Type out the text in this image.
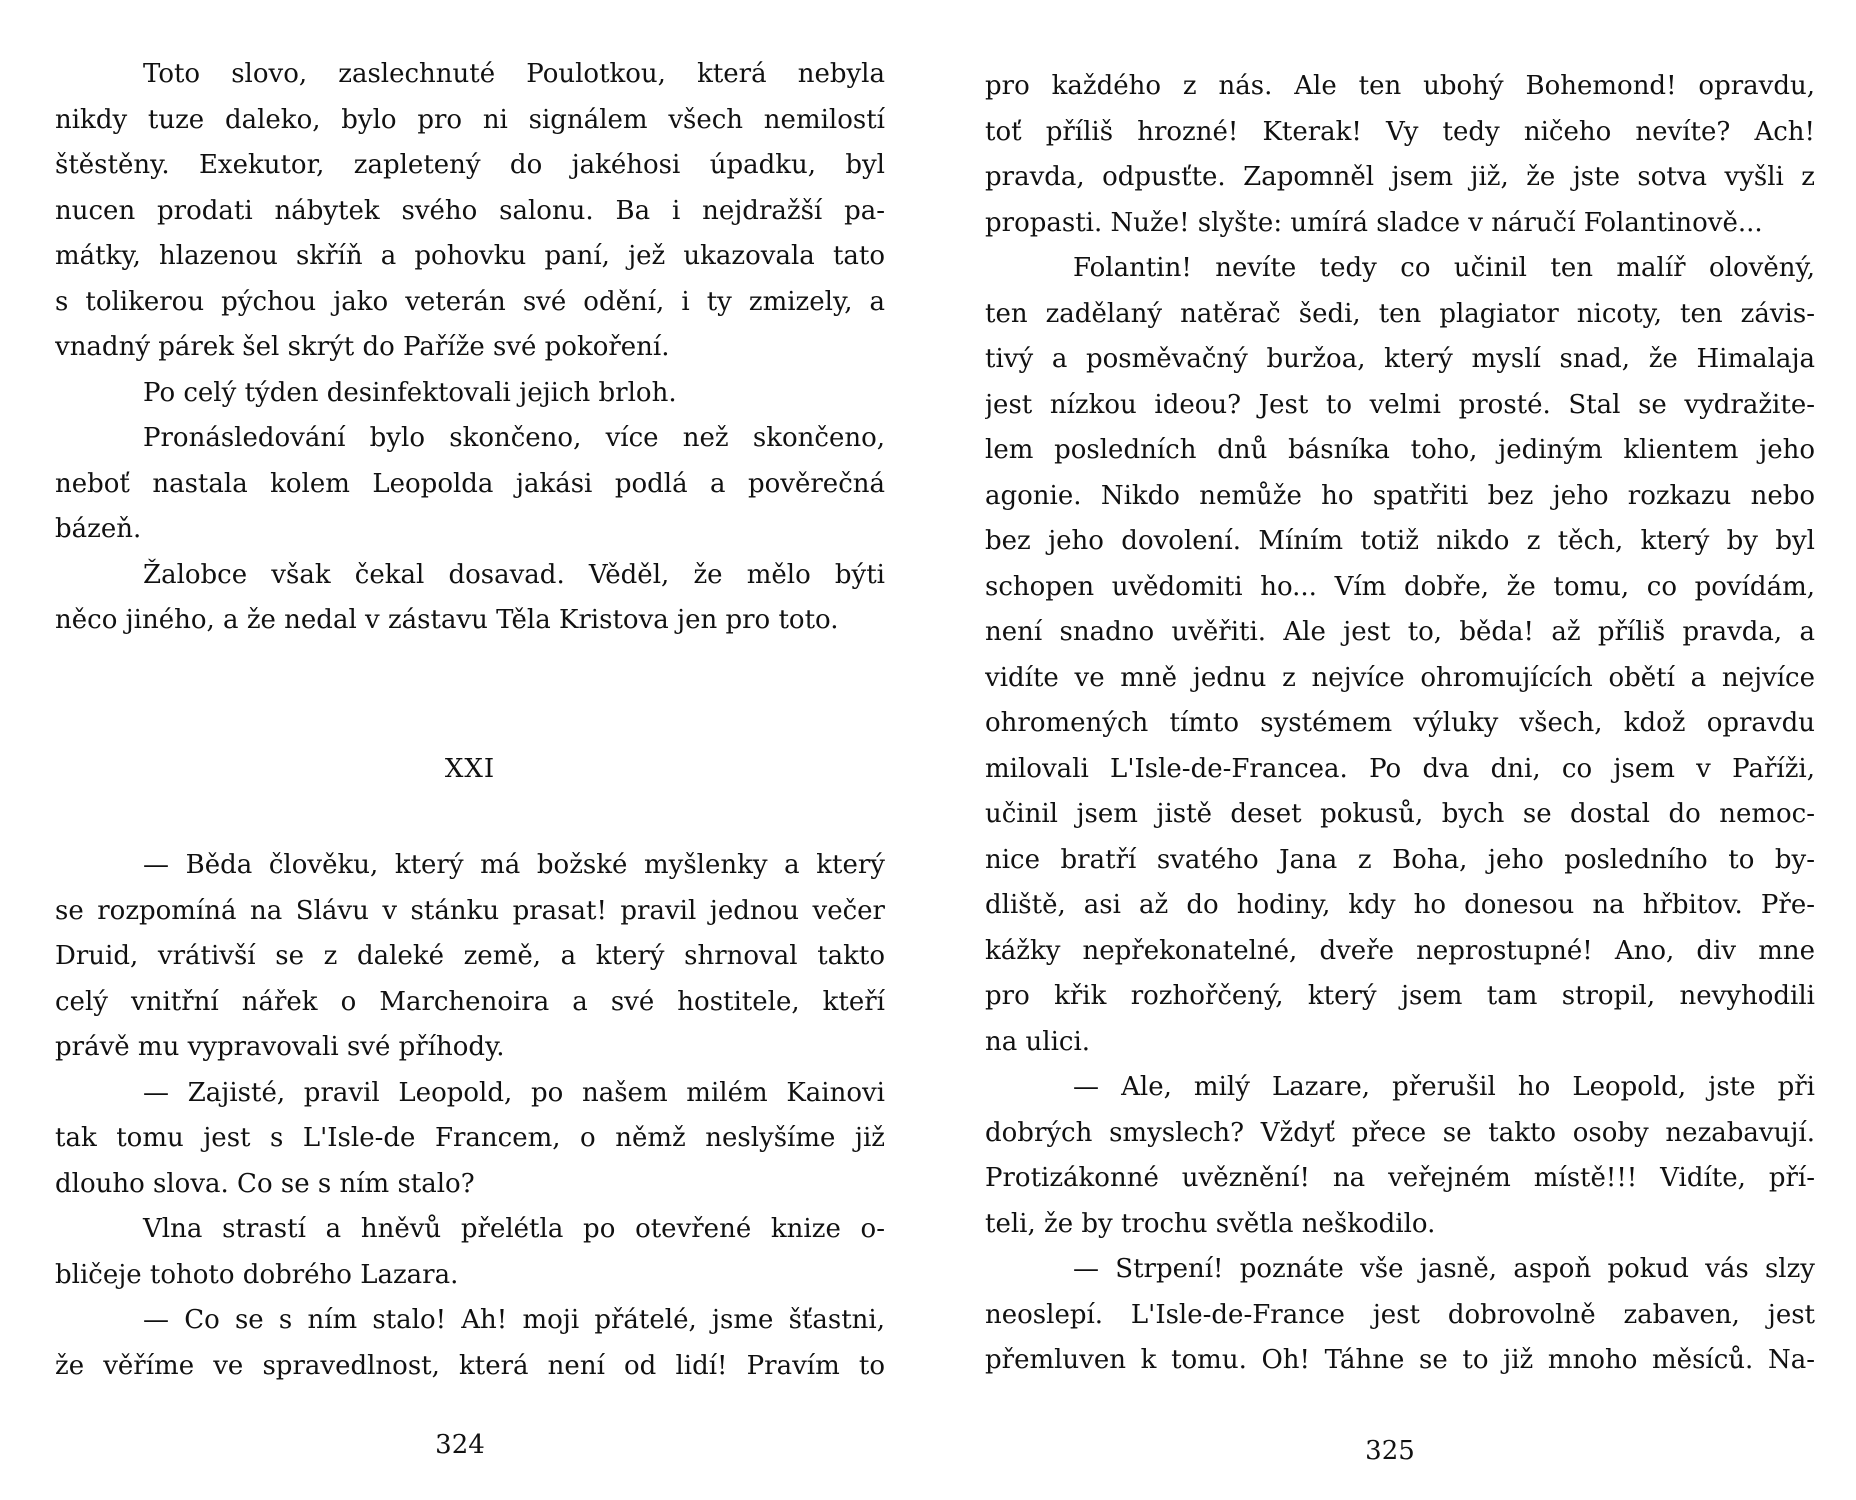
Toto slovo, zaslechnuté Poulotkou, která nebyla
nikdy tuze daleko, bylo pro ni signálem všech nemilostí
štěstěny. Exekutor, zapletený do jakéhosi úpadku, byl
nucen prodati nábytek svého salonu. Ba i nejdražší pa-
mátky, hlazenou skříň a pohovku paní, jež ukazovala tato
s tolikerou pýchou jako veterán své odění, i ty zmizely, a
vnadný párek šel skrýt do Paříže své pokoření.

Po celý týden desinfektovali jejich brloh.

Pronásledování bylo skončeno, více než skončeno,
neboť nastala kolem Leopolda jakási podlá a pověrečná
bázeň.

Žalobce však čekal dosavad. Věděl, že mělo býti
něco jiného, a že nedal v zástavu Těla Kristova jen pro toto.

XXI

— Běda člověku, který má božské myšlenky a který
se rozpomíná na Slávu v stánku prasat! pravil jednou večer
Druid, vrátivší se z daleké země, a který shrnoval takto
celý vnitřní nářek o Marchenoira a své hostitele, kteří
právě mu vypravovali své příhody.

— Zajisté, pravil Leopold, po našem milém Kainovi
tak tomu jest s L'Isle-de Francem, o němž neslyšíme již
dlouho slova. Co se s ním stalo?

Vlna strastí a hněvů přelétla po otevřené knize o-
bličeje tohoto dobrého Lazara.

— Co se s ním stalo! Ah! moji přátelé, jsme šťastni,
že věříme ve spravedlnost, která není od lidí! Pravím to

324

pro každého z nás. Ale ten ubohý Bohemond! opravdu,
toť příliš hrozné! Kterak! Vy tedy ničeho nevíte? Ach!
pravda, odpusťte. Zapomněl jsem již, že jste sotva vyšli z
propasti. Nuže! slyšte: umírá sladce v náručí Folantinově...

Folantin! nevíte tedy co učinil ten malíř olověný,
ten zadělaný natěrač šedi, ten plagiator nicoty, ten závis-
tivý a posměvačný buržoa, který myslí snad, že Himalaja
jest nízkou ideou? Jest to velmi prosté. Stal se vydražite-
lem posledních dnů básníka toho, jediným klientem jeho
agonie. Nikdo nemůže ho spatřiti bez jeho rozkazu nebo
bez jeho dovolení. Míním totiž nikdo z těch, který by byl
schopen uvědomiti ho... Vím dobře, že tomu, co povídám,
není snadno uvěřiti. Ale jest to, běda! až příliš pravda, a
vidíte ve mně jednu z nejvíce ohromujících obětí a nejvíce
ohromených tímto systémem výluky všech, kdož opravdu
milovali L'Isle-de-Francea. Po dva dni, co jsem v Paříži,
učinil jsem jistě deset pokusů, bych se dostal do nemoc-
nice bratří svatého Jana z Boha, jeho posledního to by-
dliště, asi až do hodiny, kdy ho donesou na hřbitov. Pře-
kážky nepřekonatelné, dveře neprostupné! Ano, div mne
pro křik rozhořčený, který jsem tam stropil, nevyhodili
na ulici.

— Ale, milý Lazare, přerušil ho Leopold, jste při
dobrých smyslech? Vždyť přece se takto osoby nezabavují.
Protizákonné uvěznění! na veřejném místě!!! Vidíte, pří-
teli, že by trochu světla neškodilo.

— Strpení! poznáte vše jasně, aspoň pokud vás slzy
neoslepí. L'Isle-de-France jest dobrovolně zabaven, jest
přemluven k tomu. Oh! Táhne se to již mnoho měsíců. Na-

325
